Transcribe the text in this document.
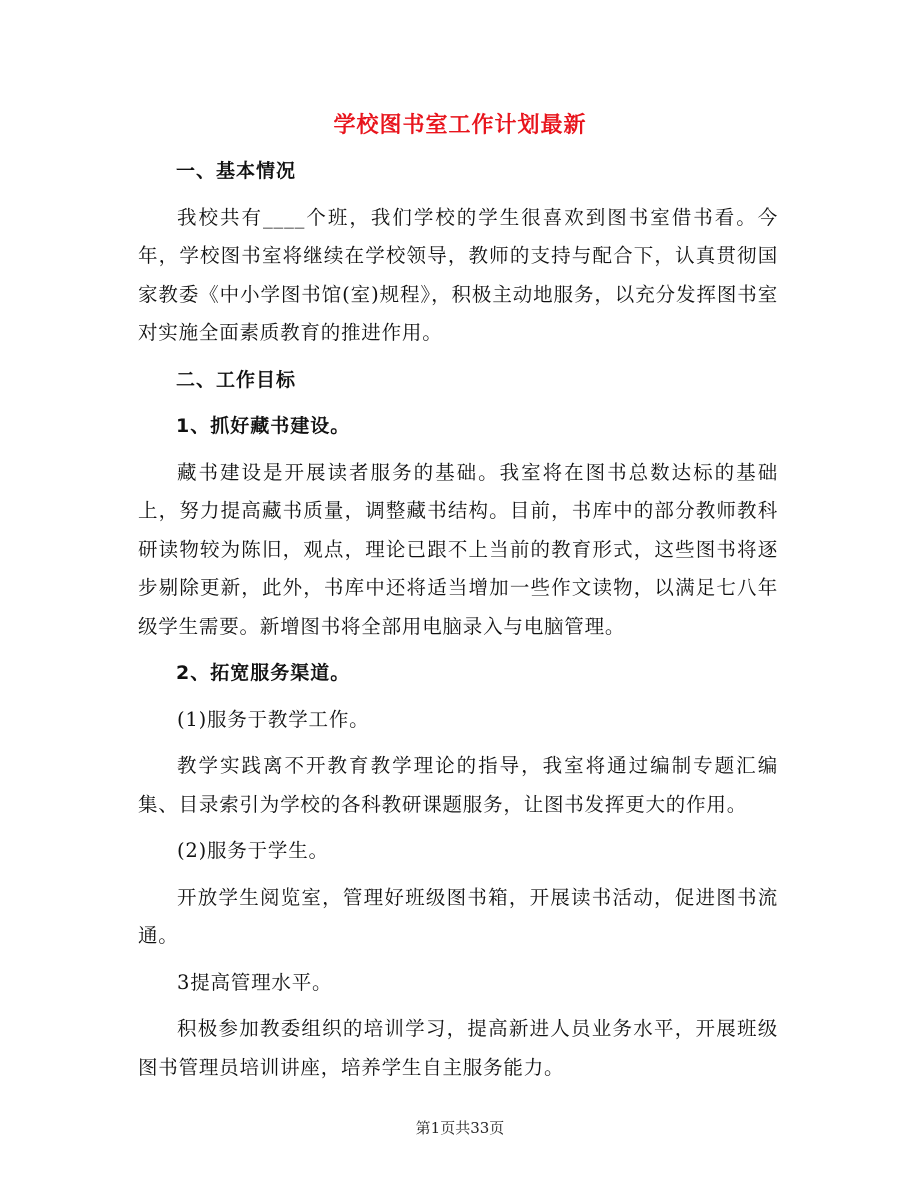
学校图书室工作计划最新

一、基本情况

我校共有____个班，我们学校的学生很喜欢到图书室借书看。今年，学校图书室将继续在学校领导，教师的支持与配合下，认真贯彻国家教委《中小学图书馆(室)规程》，积极主动地服务，以充分发挥图书室对实施全面素质教育的推进作用。

二、工作目标

1、抓好藏书建设。

藏书建设是开展读者服务的基础。我室将在图书总数达标的基础上，努力提高藏书质量，调整藏书结构。目前，书库中的部分教师教科研读物较为陈旧，观点，理论已跟不上当前的教育形式，这些图书将逐步剔除更新，此外，书库中还将适当增加一些作文读物，以满足七八年级学生需要。新增图书将全部用电脑录入与电脑管理。

2、拓宽服务渠道。

(1)服务于教学工作。

教学实践离不开教育教学理论的指导，我室将通过编制专题汇编集、目录索引为学校的各科教研课题服务，让图书发挥更大的作用。

(2)服务于学生。

开放学生阅览室，管理好班级图书箱，开展读书活动，促进图书流通。

3提高管理水平。

积极参加教委组织的培训学习，提高新进人员业务水平，开展班级图书管理员培训讲座，培养学生自主服务能力。

第1页共33页
